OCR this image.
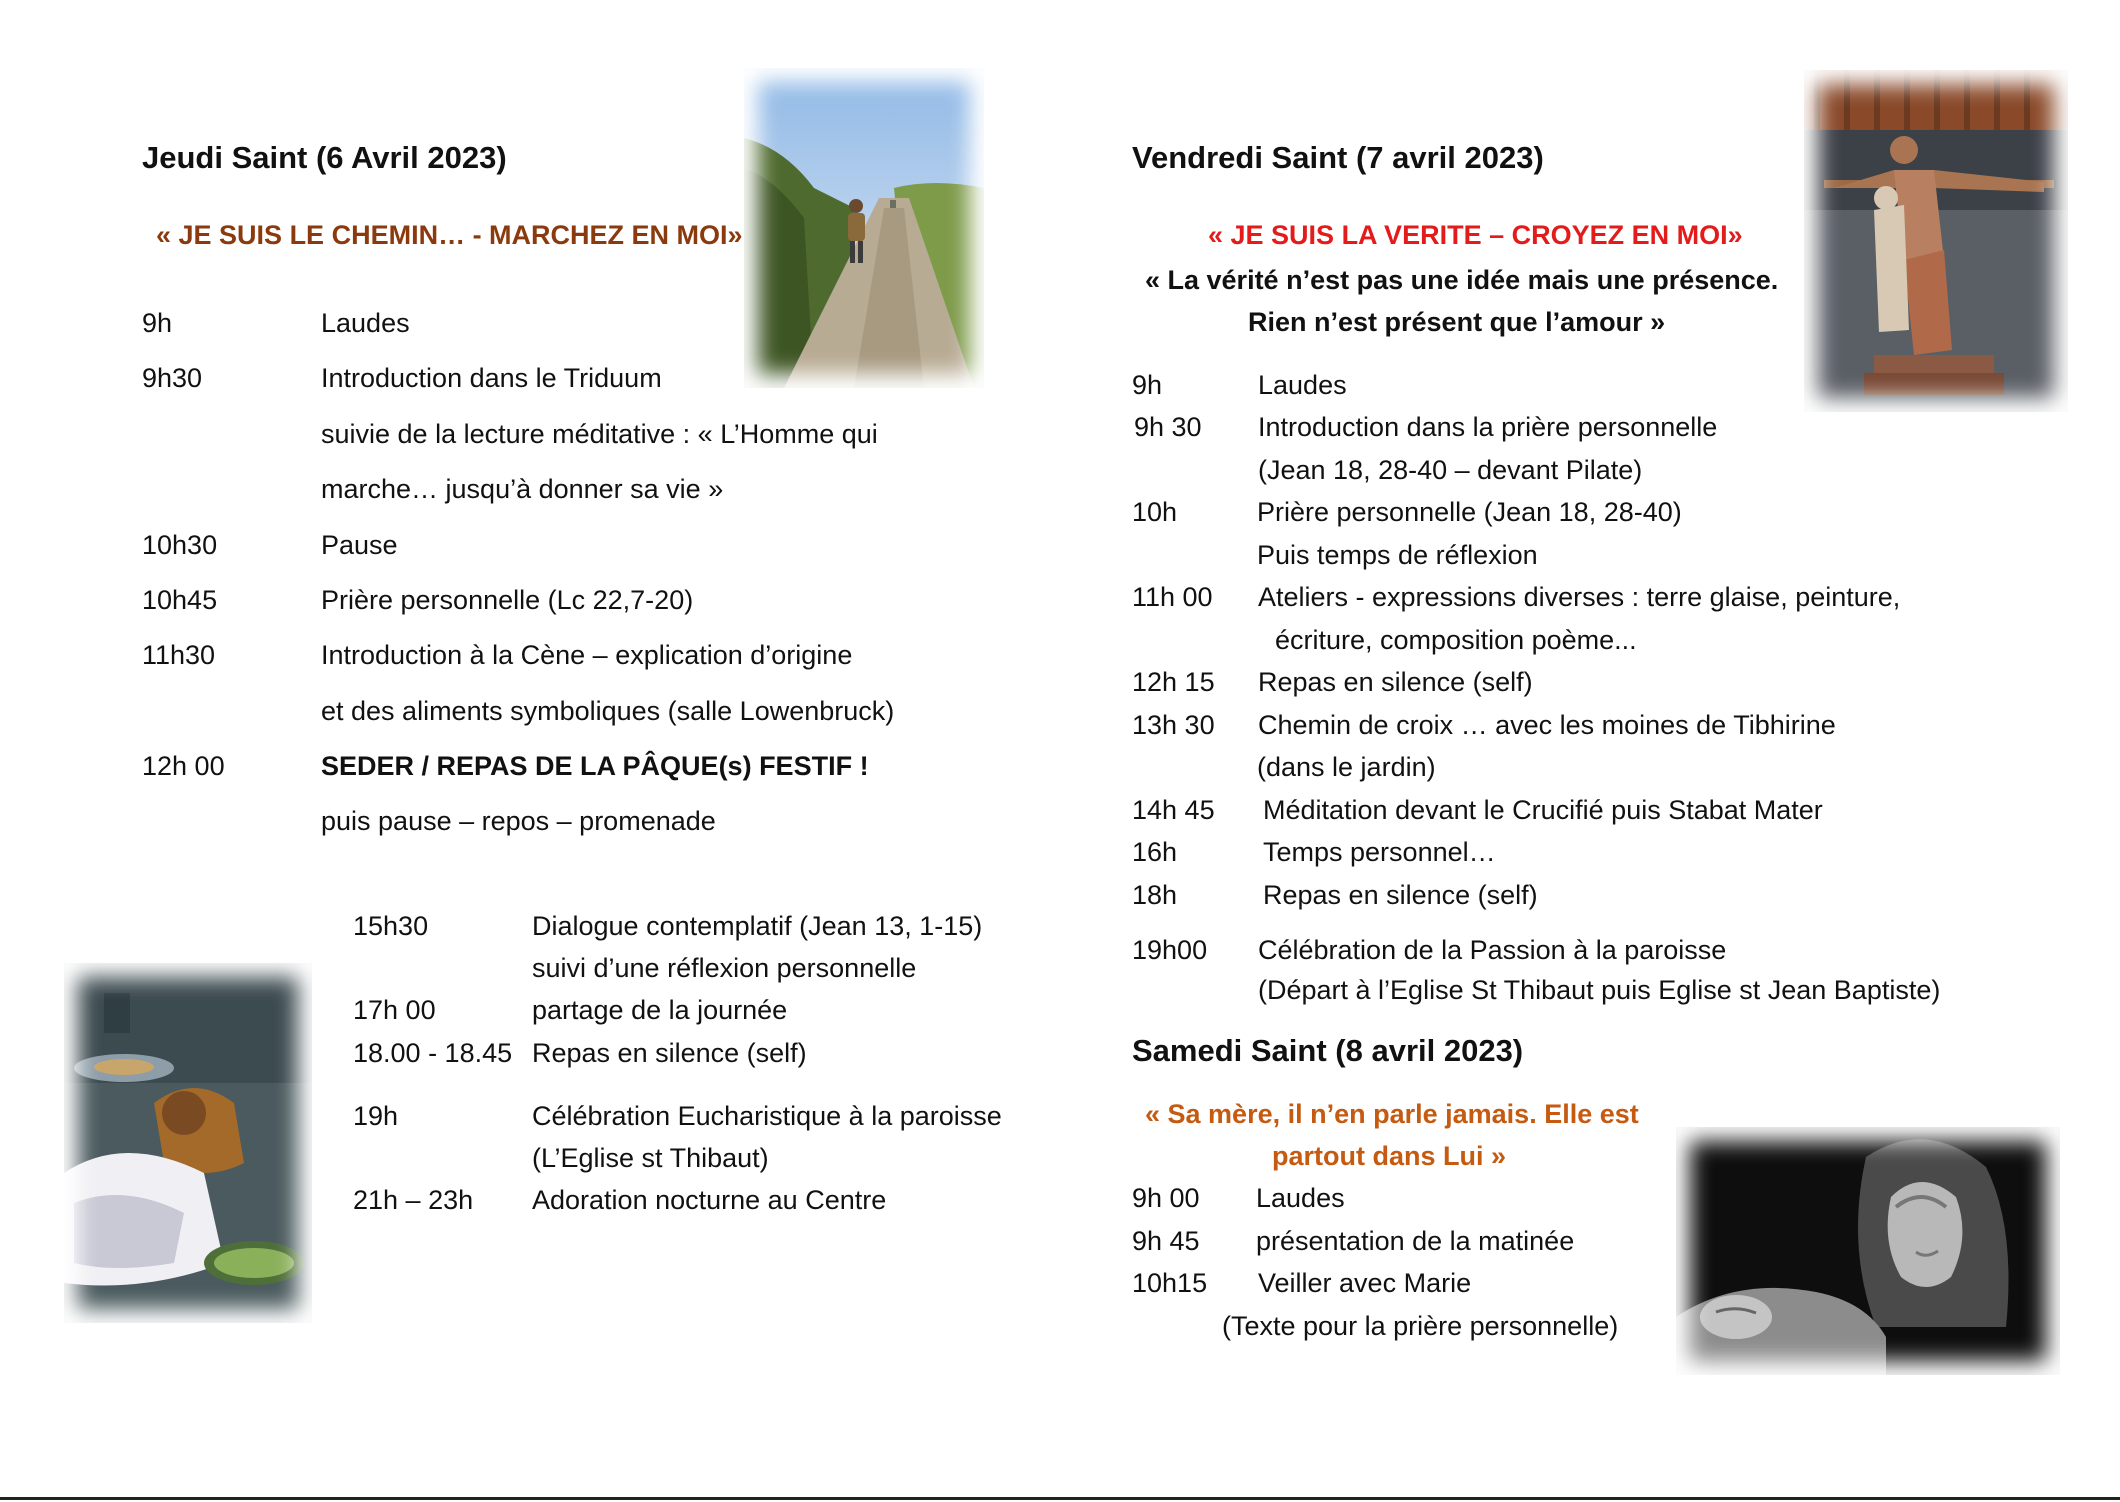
Jeudi Saint (6 Avril 2023)
« JE SUIS LE CHEMIN… - MARCHEZ EN MOI»
9h	Laudes
9h30	Introduction dans le Triduum
suivie de la lecture méditative : « L’Homme qui
marche… jusqu’à donner sa vie »
10h30	Pause
10h45	Prière personnelle (Lc 22,7-20)
11h30	Introduction à la Cène – explication d’origine
et des aliments symboliques (salle Lowenbruck)
12h 00	SEDER / REPAS DE LA PÂQUE(s) FESTIF !
puis pause – repos – promenade
15h30	Dialogue contemplatif (Jean 13, 1-15)
suivi d’une réflexion personnelle
17h 00	partage de la journée
18.00 - 18.45 Repas en silence (self)
19h	Célébration Eucharistique à la paroisse
(L’Eglise st Thibaut)
21h – 23h Adoration nocturne au Centre
Vendredi Saint (7 avril 2023)
« JE SUIS LA VERITE – CROYEZ EN MOI»
« La vérité n’est pas une idée mais une présence.
Rien n’est présent que l’amour »
9h	Laudes
9h 30 Introduction dans la prière personnelle
(Jean 18, 28-40 – devant Pilate)
10h	Prière personnelle (Jean 18, 28-40)
Puis temps de réflexion
11h 00 Ateliers - expressions diverses : terre glaise, peinture,
écriture, composition poème...
12h 15 Repas en silence (self)
13h 30 Chemin de croix … avec les moines de Tibhirine
(dans le jardin)
14h 45 Méditation devant le Crucifié puis Stabat Mater
16h	Temps personnel…
18h	Repas en silence (self)
19h00 Célébration de la Passion à la paroisse
(Départ à l’Eglise St Thibaut puis Eglise st Jean Baptiste)
Samedi Saint (8 avril 2023)
« Sa mère, il n’en parle jamais. Elle est
partout dans Lui »
9h 00 Laudes
9h 45 présentation de la matinée
10h15 Veiller avec Marie
(Texte pour la prière personnelle)
